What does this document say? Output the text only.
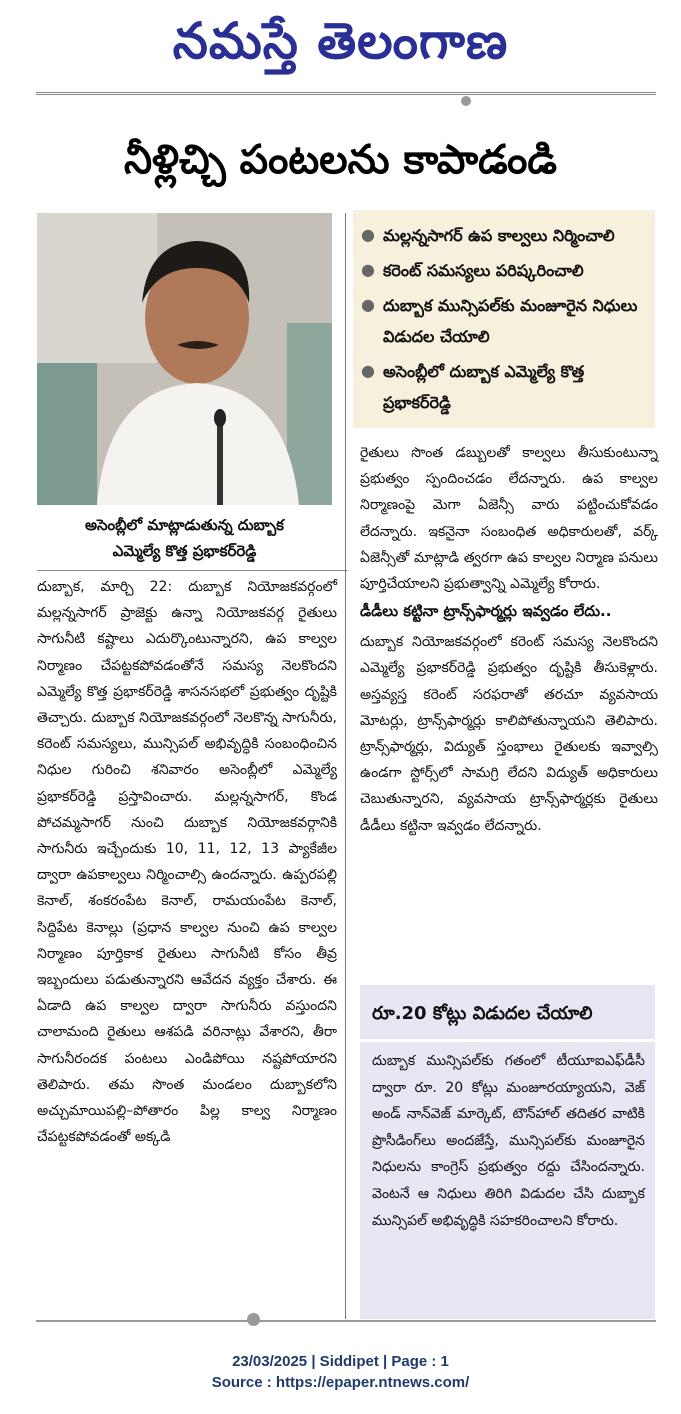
నమస్తే తెలంగాణ
నీళ్లిచ్చి పంటలను కాపాడండి
అసెంబ్లీలో మాట్లాడుతున్న దుబ్బాక
ఎమ్మెల్యే కొత్త ప్రభాకర్‌రెడ్డి
దుబ్బాక, మార్చి 22: దుబ్బాక నియోజకవర్గంలో మల్లన్నసాగర్ ప్రాజెక్టు ఉన్నా నియోజకవర్గ రైతులు సాగునీటి కష్టాలు ఎదుర్కొంటున్నారని, ఉప కాల్వల నిర్మాణం చేపట్టకపోవడంతోనే సమస్య నెలకొందని ఎమ్మెల్యే కొత్త ప్రభాకర్‌రెడ్డి శాసనసభలో ప్రభుత్వం దృష్టికి తెచ్చారు. దుబ్బాక నియోజకవర్గంలో నెలకొన్న సాగునీరు, కరెంట్ సమస్యలు, మున్సిపల్ అభివృద్ధికి సంబంధించిన నిధుల గురించి శనివారం అసెంబ్లీలో ఎమ్మెల్యే ప్రభాకర్‌రెడ్డి ప్రస్తావించారు. మల్లన్నసాగర్, కొండ పోచమ్మసాగర్ నుంచి దుబ్బాక నియోజకవర్గానికి సాగునీరు ఇచ్చేందుకు 10, 11, 12, 13 ప్యాకేజీల ద్వారా ఉపకాల్వలు నిర్మించాల్సి ఉందన్నారు. ఉప్పరపల్లి కెనాల్, శంకరంపేట కెనాల్, రామయంపేట కెనాల్, సిద్దిపేట కెనాల్లు (ప్రధాన కాల్వల నుంచి ఉప కాల్వల నిర్మాణం పూర్తికాక రైతులు సాగునీటి కోసం తీవ్ర ఇబ్బందులు పడుతున్నారని ఆవేదన వ్యక్తం చేశారు. ఈ ఏడాది ఉప కాల్వల ద్వారా సాగునీరు వస్తుందని చాలామంది రైతులు ఆశపడి వరినాట్లు వేశారని, తీరా సాగునీరందక పంటలు ఎండిపోయి నష్టపోయారని తెలిపారు. తమ సొంత మండలం దుబ్బాకలోని అచ్చుమాయిపల్లి–పోతారం పిల్ల కాల్వ నిర్మాణం చేపట్టకపోవడంతో అక్కడి
● మల్లన్నసాగర్ ఉప కాల్వలు నిర్మించాలి
● కరెంట్ సమస్యలు పరిష్కరించాలి
● దుబ్బాక మున్సిపల్‌కు మంజూరైన నిధులు విడుదల చేయాలి
● అసెంబ్లీలో దుబ్బాక ఎమ్మెల్యే కొత్త ప్రభాకర్‌రెడ్డి
రైతులు సొంత డబ్బులతో కాల్వలు తీసుకుంటున్నా ప్రభుత్వం స్పందించడం లేదన్నారు. ఉప కాల్వల నిర్మాణంపై మెగా ఏజెన్సీ వారు పట్టించుకోవడం లేదన్నారు. ఇకనైనా సంబంధిత అధికారులతో, వర్క్ ఏజెన్సీతో మాట్లాడి త్వరగా ఉప కాల్వల నిర్మాణ పనులు పూర్తిచేయాలని ప్రభుత్వాన్ని ఎమ్మెల్యే కోరారు.
డీడీలు కట్టినా ట్రాన్స్‌ఫార్మర్లు ఇవ్వడం లేదు..
దుబ్బాక నియోజకవర్గంలో కరెంట్ సమస్య నెలకొందని ఎమ్మెల్యే ప్రభాకర్‌రెడ్డి ప్రభుత్వం దృష్టికి తీసుకెళ్లారు. అస్తవ్యస్త కరెంట్ సరఫరాతో తరచూ వ్యవసాయ మోటర్లు, ట్రాన్స్‌ఫార్మర్లు కాలిపోతున్నాయని తెలిపారు. ట్రాన్స్‌ఫార్మర్లు, విద్యుత్ స్తంభాలు రైతులకు ఇవ్వాల్సి ఉండగా స్టోర్స్‌లో సామగ్రి లేదని విద్యుత్ అధికారులు చెబుతున్నారని, వ్యవసాయ ట్రాన్స్‌ఫార్మర్లకు రైతులు డీడీలు కట్టినా ఇవ్వడం లేదన్నారు.
రూ.20 కోట్లు విడుదల చేయాలి
దుబ్బాక మున్సిపల్‌కు గతంలో టీయూఐఎఫ్‌డీసీ ద్వారా రూ. 20 కోట్లు మంజూరయ్యాయని, వెజ్ అండ్ నాన్‌వెజ్ మార్కెట్, టౌన్‌హాల్ తదితర వాటికి ప్రొసీడింగ్‌లు అందజేస్తే, మున్సిపల్‌కు మంజూరైన నిధులను కాంగ్రెస్ ప్రభుత్వం రద్దు చేసిందన్నారు. వెంటనే ఆ నిధులు తిరిగి విడుదల చేసి దుబ్బాక మున్సిపల్ అభివృద్ధికి సహకరించాలని కోరారు.
23/03/2025 | Siddipet | Page : 1
Source : https://epaper.ntnews.com/
